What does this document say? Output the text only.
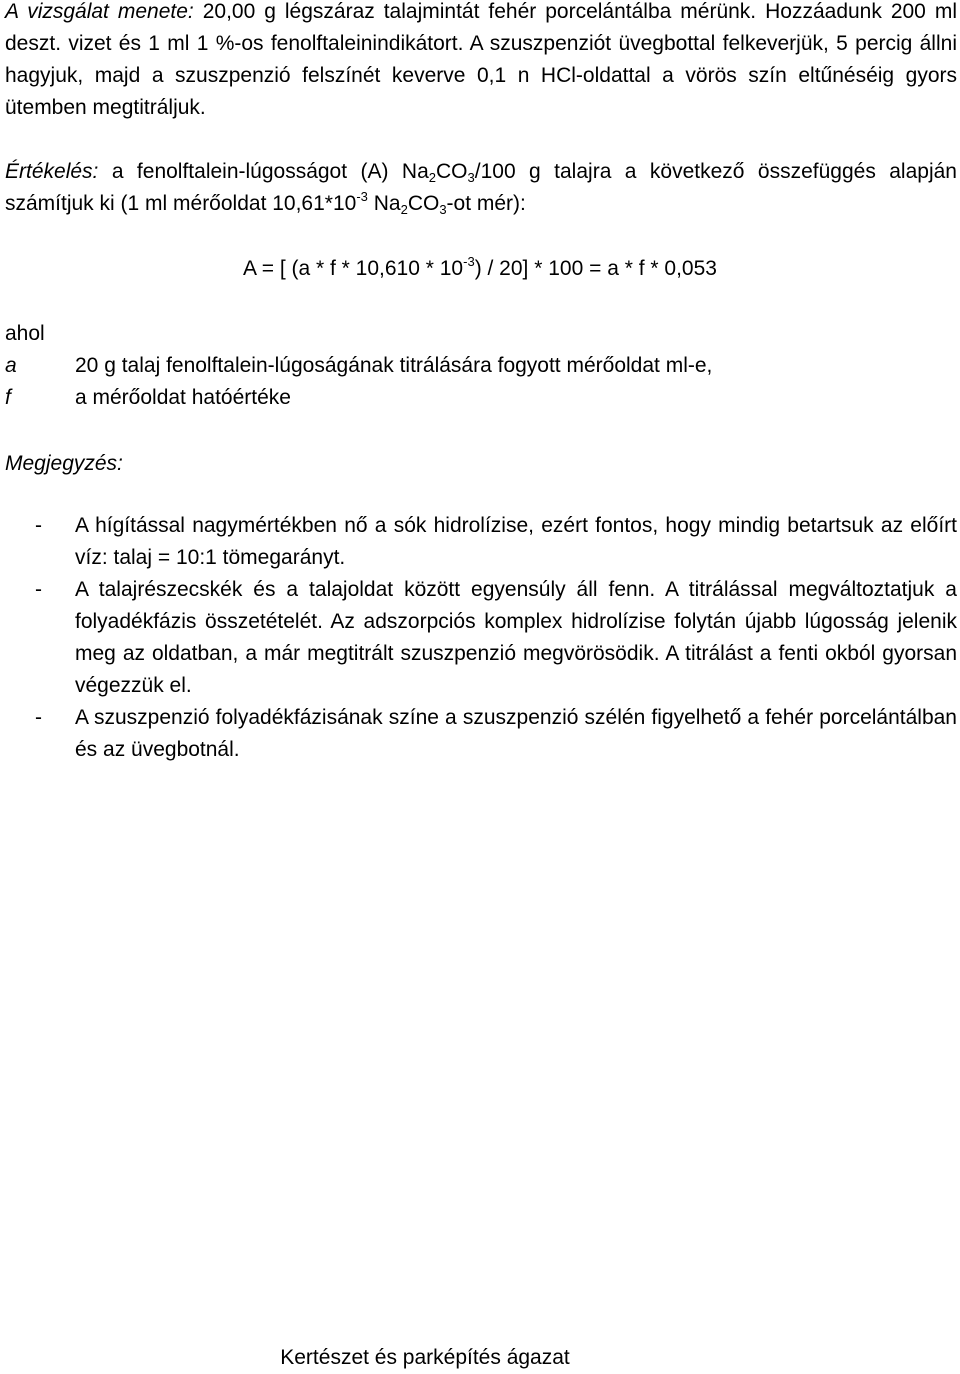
A vizsgálat menete: 20,00 g légszáraz talajmintát fehér porcelántálba mérünk. Hozzáadunk 200 ml deszt. vizet és 1 ml 1 %-os fenolftaleinindikátort. A szuszpenziót üvegbottal felkeverjük, 5 percig állni hagyjuk, majd a szuszpenzió felszínét keverve 0,1 n HCl-oldattal a vörös szín eltűnéséig gyors ütemben megtitráljuk.

Értékelés: a fenolftalein-lúgosságot (A) $Na_2CO_3/100$ g talajra a következő összefüggés alapján számítjuk ki (1 ml mérőoldat $10,61*10^{-3}$ $Na_2CO_3-ot$ mér):

A = [ $(a * f * 10,610 * 10^{-3}) / 20] * 100 = a * f * 0,053$

ahol
a	20 g talaj fenolftalein-lúgoságának titrálására fogyott mérőoldat ml-e,
f	a mérőoldat hatóértéke

Megjegyzés:

-	A hígítással nagymértékben nő a sók hidrolízise, ezért fontos, hogy mindig betartsuk az előírt víz: talaj = 10:1 tömegarányt.
-	A talajrészecskék és a talajoldat között egyensúly áll fenn. A titrálással megváltoztatjuk a folyadékfázis összetételét. Az adszorpciós komplex hidrolízise folytán újabb lúgosság jelenik meg az oldatban, a már megtitrált szuszpenzió megvörösödik. A titrálást a fenti okból gyorsan végezzük el.
-	A szuszpenzió folyadékfázisának színe a szuszpenzió szélén figyelhető a fehér porcelántálban és az üvegbotnál.

Kertészet és parképítés ágazat
